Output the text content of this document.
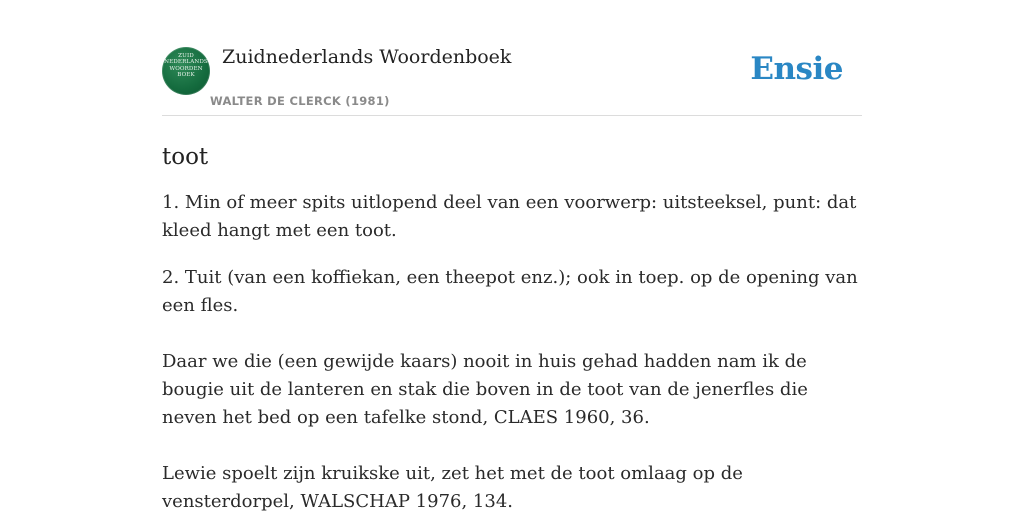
ZUID
NEDERLANDS
WOORDEN
BOEK
Zuidnederlands Woordenboek
WALTER DE CLERCK (1981)
Ensie
toot

1. Min of meer spits uitlopend deel van een voorwerp: uitsteeksel, punt: dat kleed hangt met een toot.

2. Tuit (van een koffiekan, een theepot enz.); ook in toep. op de opening van een fles.

Daar we die (een gewijde kaars) nooit in huis gehad hadden nam ik de bougie uit de lanteren en stak die boven in de toot van de jenerfles die neven het bed op een tafelke stond, CLAES 1960, 36.

Lewie spoelt zijn kruikske uit, zet het met de toot omlaag op de vensterdorpel, WALSCHAP 1976, 134.
